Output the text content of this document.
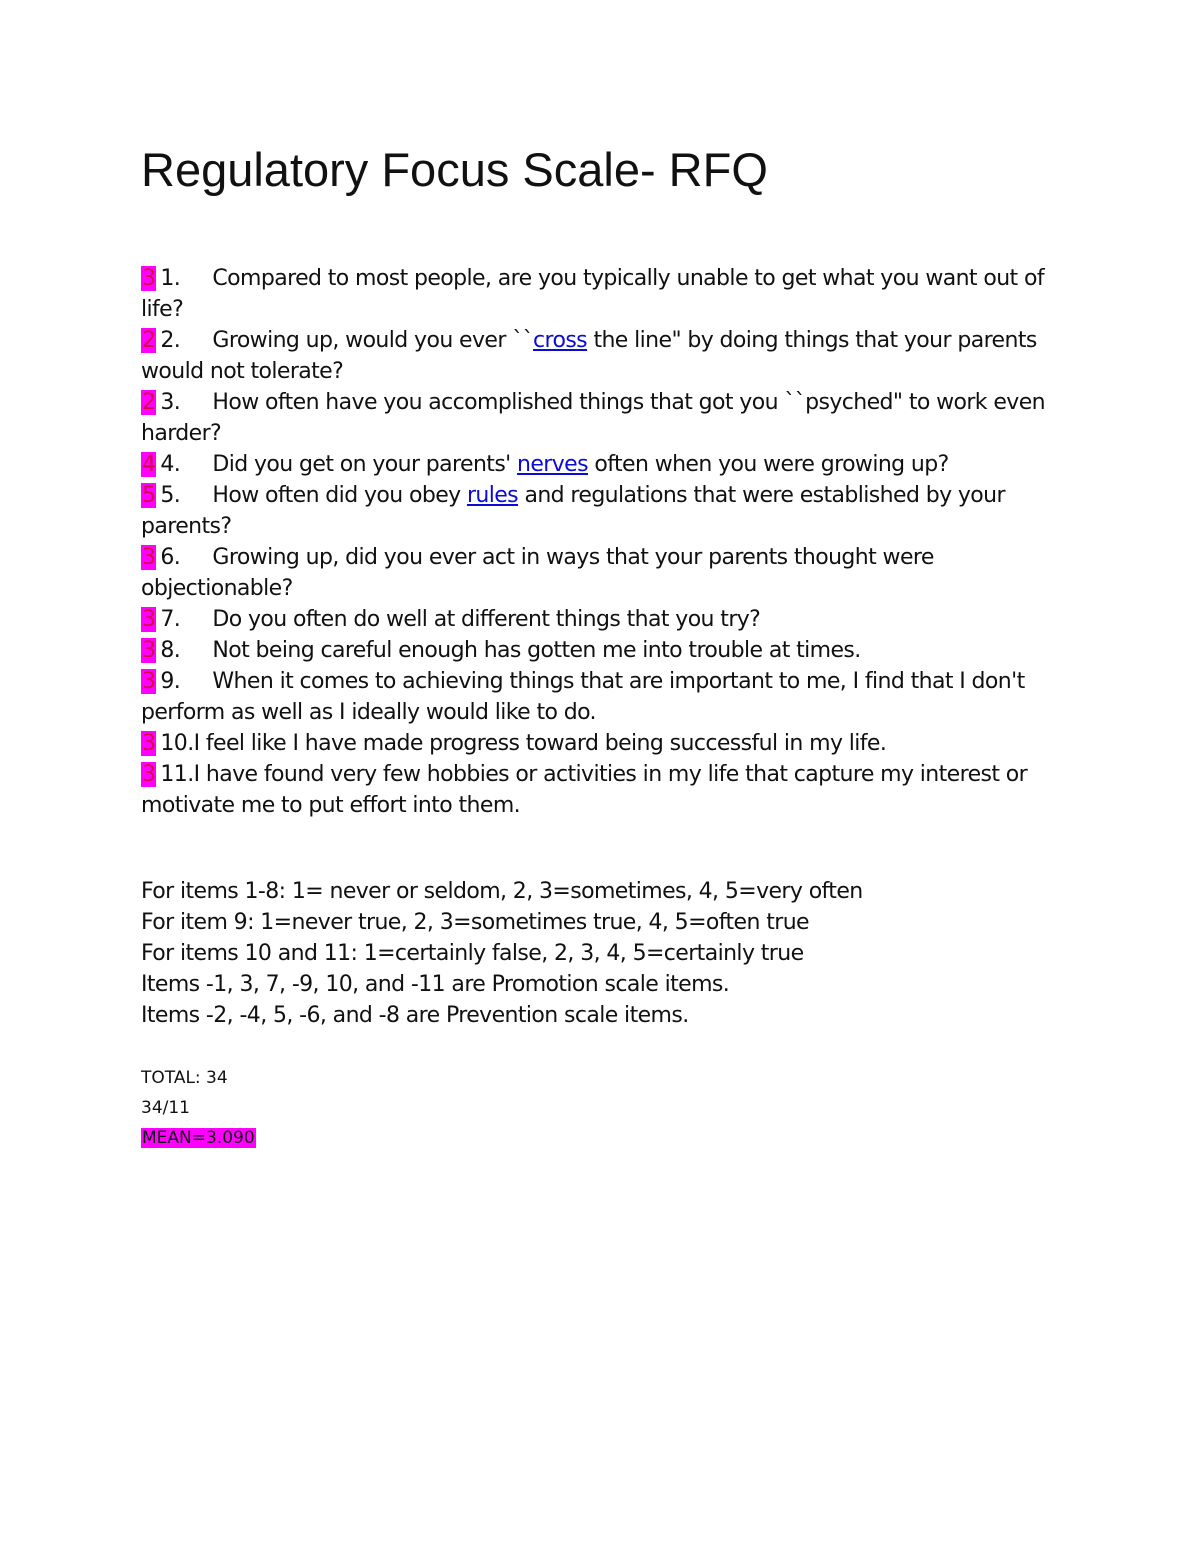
Regulatory Focus Scale- RFQ

3 1. Compared to most people, are you typically unable to get what you want out of life?

2 2. Growing up, would you ever ``cross the line" by doing things that your parents would not tolerate?

2 3. How often have you accomplished things that got you ``psyched" to work even harder?

4 4. Did you get on your parents' nerves often when you were growing up?

5 5. How often did you obey rules and regulations that were established by your parents?

3 6. Growing up, did you ever act in ways that your parents thought were objectionable?

3 7. Do you often do well at different things that you try?

3 8. Not being careful enough has gotten me into trouble at times.

3 9. When it comes to achieving things that are important to me, I find that I don't perform as well as I ideally would like to do.

3 10.I feel like I have made progress toward being successful in my life.

3 11.I have found very few hobbies or activities in my life that capture my interest or motivate me to put effort into them.

For items 1-8: 1= never or seldom, 2, 3=sometimes, 4, 5=very often

For item 9: 1=never true, 2, 3=sometimes true, 4, 5=often true

For items 10 and 11: 1=certainly false, 2, 3, 4, 5=certainly true

Items -1, 3, 7, -9, 10, and -11 are Promotion scale items.

Items -2, -4, 5, -6, and -8 are Prevention scale items.

TOTAL: 34

34/11

MEAN=3.090
